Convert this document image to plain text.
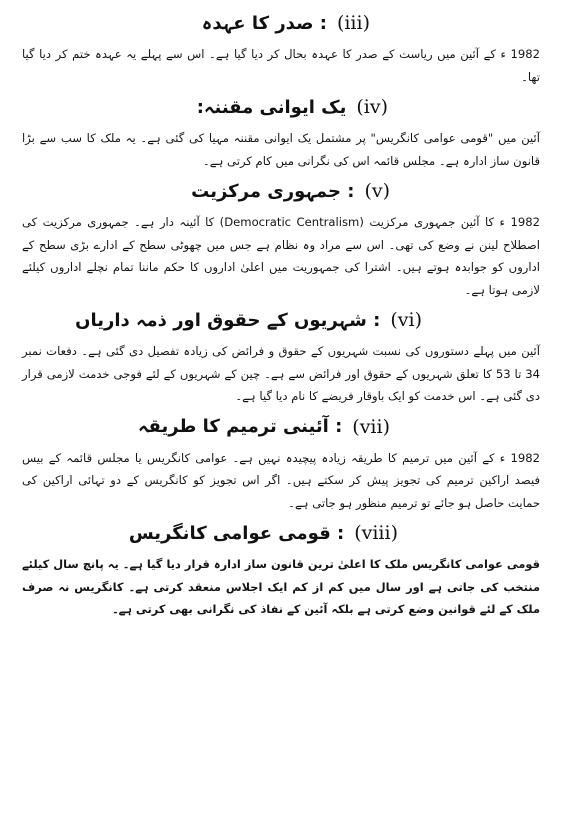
(iii)
: صدر کا عہدہ

1982 ء کے آئین میں ریاست کے صدر کا عہدہ بحال کر دیا گیا ہے۔ اس سے پہلے یہ عہدہ ختم کر دیا گیا تھا۔

(iv)
یک ایوانی مقننہ:

آئین میں "قومی عوامی کانگریس" پر مشتمل یک ایوانی مقننہ مہیا کی گئی ہے۔ یہ ملک کا سب سے بڑا قانون ساز ادارہ ہے۔ مجلس قائمہ اس کی نگرانی میں کام کرتی ہے۔

(v)
: جمہوری مرکزیت

1982 ء کا آئین جمہوری مرکزیت (Democratic Centralism) کا آئینہ دار ہے۔ جمہوری مرکزیت کی اصطلاح لینن نے وضع کی تھی۔ اس سے مراد وہ نظام ہے جس میں چھوٹی سطح کے ادارے بڑی سطح کے اداروں کو جوابدہ ہوتے ہیں۔ اشترا کی جمہوریت میں اعلیٰ اداروں کا حکم ماننا تمام نچلے اداروں کیلئے لازمی ہوتا ہے۔

(vi)
: شہریوں کے حقوق اور ذمہ داریاں

آئین میں پہلے دستوروں کی نسبت شہریوں کے حقوق و فرائض کی زیادہ تفصیل دی گئی ہے۔ دفعات نمبر 34 تا 53 کا تعلق شہریوں کے حقوق اور فرائض سے ہے۔ چین کے شہریوں کے لئے فوجی خدمت لازمی قرار دی گئی ہے۔ اس خدمت کو ایک باوقار فریضے کا نام دیا گیا ہے۔

(vii)
: آئینی ترمیم کا طریقہ

1982 ء کے آئین میں ترمیم کا طریقہ زیادہ پیچیدہ نہیں ہے۔ عوامی کانگریس یا مجلس قائمہ کے بیس فیصد اراکین ترمیم کی تجویز پیش کر سکتے ہیں۔ اگر اس تجویز کو کانگریس کے دو تہائی اراکین کی حمایت حاصل ہو جائے تو ترمیم منظور ہو جاتی ہے۔

(viii)
: قومی عوامی کانگریس

قومی عوامی کانگریس ملک کا اعلیٰ ترین قانون ساز ادارہ قرار دیا گیا ہے۔ یہ پانچ سال کیلئے منتخب کی جاتی ہے اور سال میں کم از کم ایک اجلاس منعقد کرتی ہے۔ کانگریس نہ صرف ملک کے لئے قوانین وضع کرتی ہے بلکہ آئین کے نفاذ کی نگرانی بھی کرتی ہے۔
